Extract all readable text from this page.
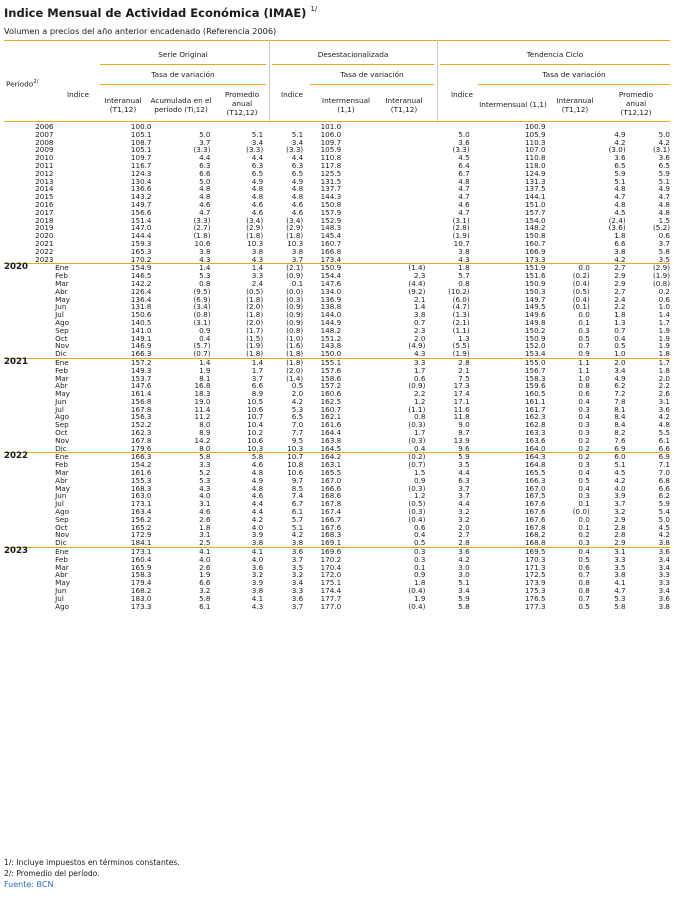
Indice Mensual de Actividad Económica (IMAE) $^{1/}$
Volumen a precios del año anterior encadenado (Referencia 2006)
Período$^{2/}$
Serie Original	Desestacionalizada	Tendencia Ciclo
Tasa de variación	Tasa de variación	Tasa de variación
Indice
Interanual
(T1,12)
Acumulada en el
período (Ti,12)
Promedio
anual
(T12,12)
Indice
Intermensual
(1,1)
Interanual
(T1,12)
Indice
Intermensual (1,1)	Interanual
(T1,12)
Promedio
anual
(T12,12)
	2006	100.0				101.0			100.9			
	2007	105.1	5.0	5.1	5.1	106.0		5.0	105.9		4.9	5.0
	2008	108.7	3.7	3.4	3.4	109.7		3.6	110.3		4.2	4.2
	2009	105.1	(3.3)	(3.3)	(3.3)	105.9		(3.3)	107.0		(3.0)	(3.1)
	2010	109.7	4.4	4.4	4.4	110.8		4.5	110.8		3.6	3.6
	2011	116.7	6.3	6.3	6.3	117.8		6.4	118.0		6.5	6.5
	2012	124.3	6.6	6.5	6.5	125.5		6.7	124.9		5.9	5.9
	2013	130.4	5.0	4.9	4.9	131.5		4.8	131.3		5.1	5.1
	2014	136.6	4.8	4.8	4.8	137.7		4.7	137.5		4.8	4.9
	2015	143.2	4.8	4.8	4.8	144.3		4.7	144.1		4.7	4.7
	2016	149.7	4.6	4.6	4.6	150.8		4.6	151.0		4.8	4.8
	2017	156.6	4.7	4.6	4.6	157.9		4.7	157.7		4.5	4.8
	2018	151.4	(3.3)	(3.4)	(3.4)	152.9		(3.1)	154.0		(2.4)	1.5
	2019	147.0	(2.7)	(2.9)	(2.9)	148.3		(2.8)	148.2		(3.6)	(5.2)
	2020	144.4	(1.8)	(1.8)	(1.8)	145.4		(1.9)	150.8		1.8	0.6
	2021	159.3	10.6	10.3	10.3	160.7		10.7	160.7		6.6	3.7
	2022	165.3	3.8	3.8	3.8	166.8		3.8	166.9		3.8	5.8
	2023	170.2	4.3	4.3	3.7	173.4		4.3	173.3		4.2	3.5
2020	Ene	154.9	1.4	1.4	(2.1)	150.9	(1.4)	1.8	151.9	0.0	2.7	(2.9)
	Feb	146.5	5.3	3.3	(0.9)	154.4	2.3	5.7	151.6	(0.2)	2.9	(1.9)
	Mar	142.2	0.8	2.4	0.1	147.6	(4.4)	0.8	150.9	(0.4)	2.9	(0.8)
	Abr	126.4	(9.5)	(0.5)	(0.0)	134.0	(9.2)	(10.2)	150.3	(0.5)	2.7	0.2
	May	136.4	(6.9)	(1.8)	(0.3)	136.9	2.1	(6.0)	149.7	(0.4)	2.4	0.6
	Jun	131.8	(3.4)	(2.0)	(0.9)	138.8	1.4	(4.7)	149.5	(0.1)	2.2	1.0
	Jul	150.6	(0.8)	(1.8)	(0.9)	144.0	3.8	(1.3)	149.6	0.0	1.8	1.4
	Ago	140.5	(3.1)	(2.0)	(0.9)	144.9	0.7	(2.1)	149.8	0.1	1.3	1.7
	Sep	141.0	0.9	(1.7)	(0.8)	148.2	2.3	(1.1)	150.2	0.3	0.7	1.9
	Oct	149.1	0.4	(1.5)	(1.0)	151.2	2.0	1.3	150.9	0.5	0.4	1.9
	Nov	146.9	(5.7)	(1.9)	(1.6)	143.8	(4.9)	(5.5)	152.0	0.7	0.5	1.9
	Dic	166.3	(0.7)	(1.8)	(1.8)	150.0	4.3	(1.9)	153.4	0.9	1.0	1.8
2021	Ene	157.2	1.4	1.4	(1.8)	155.1	3.3	2.8	155.0	1.1	2.0	1.7
	Feb	149.3	1.9	1.7	(2.0)	157.6	1.7	2.1	156.7	1.1	3.4	1.8
	Mar	153.7	8.1	3.7	(1.4)	158.6	0.6	7.5	158.3	1.0	4.9	2.0
	Abr	147.6	16.8	6.6	0.5	157.2	(0.9)	17.3	159.6	0.8	6.2	2.2
	May	161.4	18.3	8.9	2.0	160.6	2.2	17.4	160.5	0.6	7.2	2.6
	Jun	156.8	19.0	10.5	4.2	162.5	1.2	17.1	161.1	0.4	7.8	3.1
	Jul	167.8	11.4	10.6	5.3	160.7	(1.1)	11.6	161.7	0.3	8.1	3.6
	Ago	156.3	11.2	10.7	6.5	162.1	0.8	11.8	162.3	0.4	8.4	4.2
	Sep	152.2	8.0	10.4	7.0	161.6	(0.3)	9.0	162.8	0.3	8.4	4.8
	Oct	162.3	8.9	10.2	7.7	164.4	1.7	8.7	163.3	0.3	8.2	5.5
	Nov	167.8	14.2	10.6	9.5	163.8	(0.3)	13.9	163.6	0.2	7.6	6.1
	Dic	179.6	8.0	10.3	10.3	164.5	0.4	9.6	164.0	0.2	6.9	6.6
2022	Ene	166.3	5.8	5.8	10.7	164.2	(0.2)	5.9	164.3	0.2	6.0	6.9
	Feb	154.2	3.3	4.6	10.8	163.1	(0.7)	3.5	164.8	0.3	5.1	7.1
	Mar	161.6	5.2	4.8	10.6	165.5	1.5	4.4	165.5	0.4	4.5	7.0
	Abr	155.3	5.3	4.9	9.7	167.0	0.9	6.3	166.3	0.5	4.2	6.8
	May	168.3	4.3	4.8	8.5	166.6	(0.3)	3.7	167.0	0.4	4.0	6.6
	Jun	163.0	4.0	4.6	7.4	168.6	1.2	3.7	167.5	0.3	3.9	6.2
	Jul	173.1	3.1	4.4	6.7	167.8	(0.5)	4.4	167.6	0.1	3.7	5.9
	Ago	163.4	4.6	4.4	6.1	167.4	(0.3)	3.2	167.6	(0.0)	3.2	5.4
	Sep	156.2	2.6	4.2	5.7	166.7	(0.4)	3.2	167.6	0.0	2.9	5.0
	Oct	165.2	1.8	4.0	5.1	167.6	0.6	2.0	167.8	0.1	2.8	4.5
	Nov	172.9	3.1	3.9	4.2	168.3	0.4	2.7	168.2	0.2	2.8	4.2
	Dic	184.1	2.5	3.8	3.8	169.1	0.5	2.8	168.8	0.3	2.9	3.8
2023	Ene	173.1	4.1	4.1	3.6	169.6	0.3	3.6	169.5	0.4	3.1	3.6
	Feb	160.4	4.0	4.0	3.7	170.2	0.3	4.2	170.3	0.5	3.3	3.4
	Mar	165.9	2.6	3.6	3.5	170.4	0.1	3.0	171.3	0.6	3.5	3.4
	Abr	158.3	1.9	3.2	3.2	172.0	0.9	3.0	172.5	0.7	3.8	3.3
	May	179.4	6.6	3.9	3.4	175.1	1.8	5.1	173.9	0.8	4.1	3.3
	Jun	168.2	3.2	3.8	3.3	174.4	(0.4)	3.4	175.3	0.8	4.7	3.4
	Jul	183.0	5.8	4.1	3.6	177.7	1.9	5.9	176.5	0.7	5.3	3.6
	Ago	173.3	6.1	4.3	3.7	177.0	(0.4)	5.8	177.3	0.5	5.8	3.8
1/: Incluye impuestos en términos constantes.
2/: Promedio del período.
Fuente: BCN
